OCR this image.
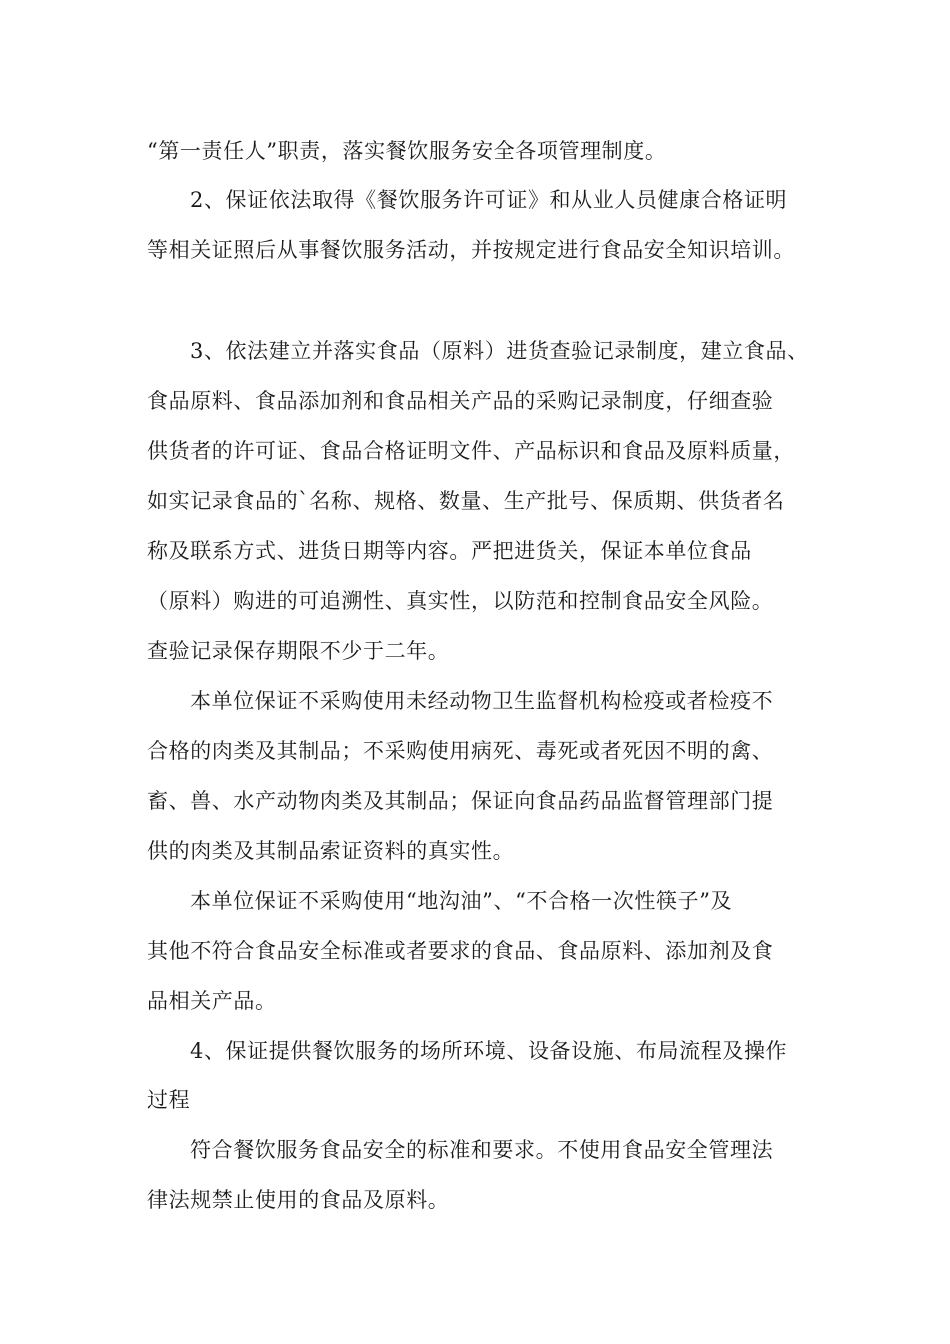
“第一责任人”职责，落实餐饮服务安全各项管理制度。
2、保证依法取得《餐饮服务许可证》和从业人员健康合格证明
等相关证照后从事餐饮服务活动，并按规定进行食品安全知识培训。
3、依法建立并落实食品（原料）进货查验记录制度，建立食品、
食品原料、食品添加剂和食品相关产品的采购记录制度，仔细查验
供货者的许可证、食品合格证明文件、产品标识和食品及原料质量，
如实记录食品的`名称、规格、数量、生产批号、保质期、供货者名
称及联系方式、进货日期等内容。严把进货关，保证本单位食品
（原料）购进的可追溯性、真实性，以防范和控制食品安全风险。
查验记录保存期限不少于二年。
本单位保证不采购使用未经动物卫生监督机构检疫或者检疫不
合格的肉类及其制品；不采购使用病死、毒死或者死因不明的禽、
畜、兽、水产动物肉类及其制品；保证向食品药品监督管理部门提
供的肉类及其制品索证资料的真实性。
本单位保证不采购使用“地沟油”、“不合格一次性筷子”及
其他不符合食品安全标准或者要求的食品、食品原料、添加剂及食
品相关产品。
4、保证提供餐饮服务的场所环境、设备设施、布局流程及操作
过程
符合餐饮服务食品安全的标准和要求。不使用食品安全管理法
律法规禁止使用的食品及原料。
